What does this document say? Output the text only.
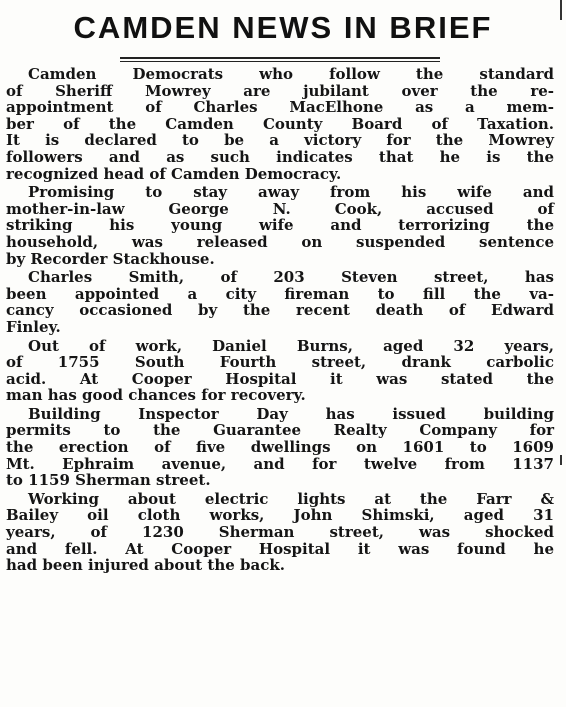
CAMDEN NEWS IN BRIEF
Camden Democrats who follow the standard
of Sheriff Mowrey are jubilant over the re-
appointment of Charles MacElhone as a mem-
ber of the Camden County Board of Taxation.
It is declared to be a victory for the Mowrey
followers and as such indicates that he is the
recognized head of Camden Democracy.
Promising to stay away from his wife and
mother-in-law George N. Cook, accused of
striking his young wife and terrorizing the
household, was released on suspended sentence
by Recorder Stackhouse.
Charles Smith, of 203 Steven street, has
been appointed a city fireman to fill the va-
cancy occasioned by the recent death of Edward
Finley.
Out of work, Daniel Burns, aged 32 years,
of 1755 South Fourth street, drank carbolic
acid. At Cooper Hospital it was stated the
man has good chances for recovery.
Building Inspector Day has issued building
permits to the Guarantee Realty Company for
the erection of five dwellings on 1601 to 1609
Mt. Ephraim avenue, and for twelve from 1137
to 1159 Sherman street.
Working about electric lights at the Farr &
Bailey oil cloth works, John Shimski, aged 31
years, of 1230 Sherman street, was shocked
and fell. At Cooper Hospital it was found he
had been injured about the back.
